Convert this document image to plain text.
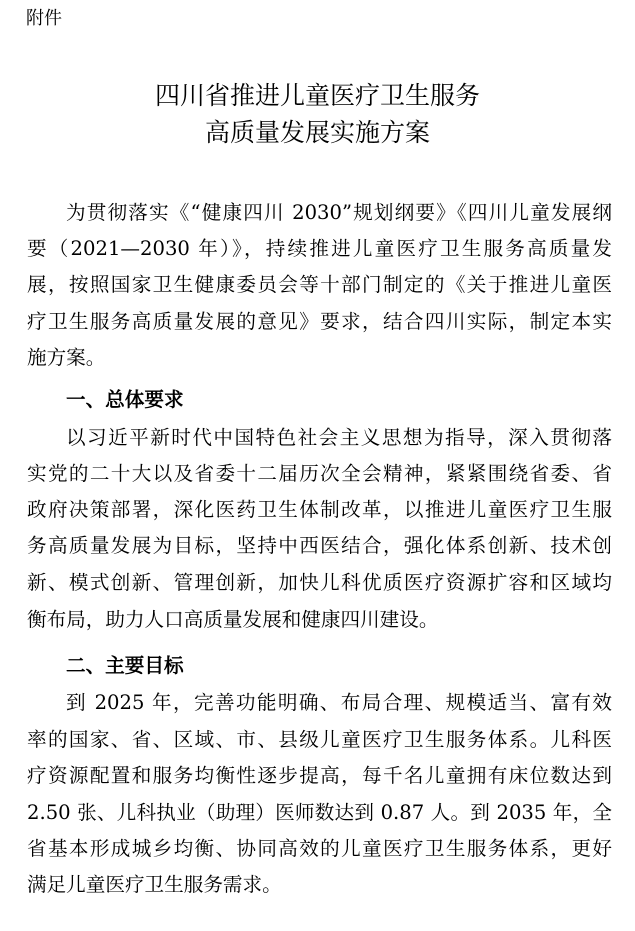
附件
四川省推进儿童医疗卫生服务
高质量发展实施方案
为贯彻落实《“健康四川 2030”规划纲要》《四川儿童发展纲
要（2021—2030 年）》，持续推进儿童医疗卫生服务高质量发
展，按照国家卫生健康委员会等十部门制定的《关于推进儿童医
疗卫生服务高质量发展的意见》要求，结合四川实际，制定本实
施方案。
一、总体要求
以习近平新时代中国特色社会主义思想为指导，深入贯彻落
实党的二十大以及省委十二届历次全会精神，紧紧围绕省委、省
政府决策部署，深化医药卫生体制改革，以推进儿童医疗卫生服
务高质量发展为目标，坚持中西医结合，强化体系创新、技术创
新、模式创新、管理创新，加快儿科优质医疗资源扩容和区域均
衡布局，助力人口高质量发展和健康四川建设。
二、主要目标
到 2025 年，完善功能明确、布局合理、规模适当、富有效
率的国家、省、区域、市、县级儿童医疗卫生服务体系。儿科医
疗资源配置和服务均衡性逐步提高，每千名儿童拥有床位数达到
2.50 张、儿科执业（助理）医师数达到 0.87 人。到 2035 年，全
省基本形成城乡均衡、协同高效的儿童医疗卫生服务体系，更好
满足儿童医疗卫生服务需求。
